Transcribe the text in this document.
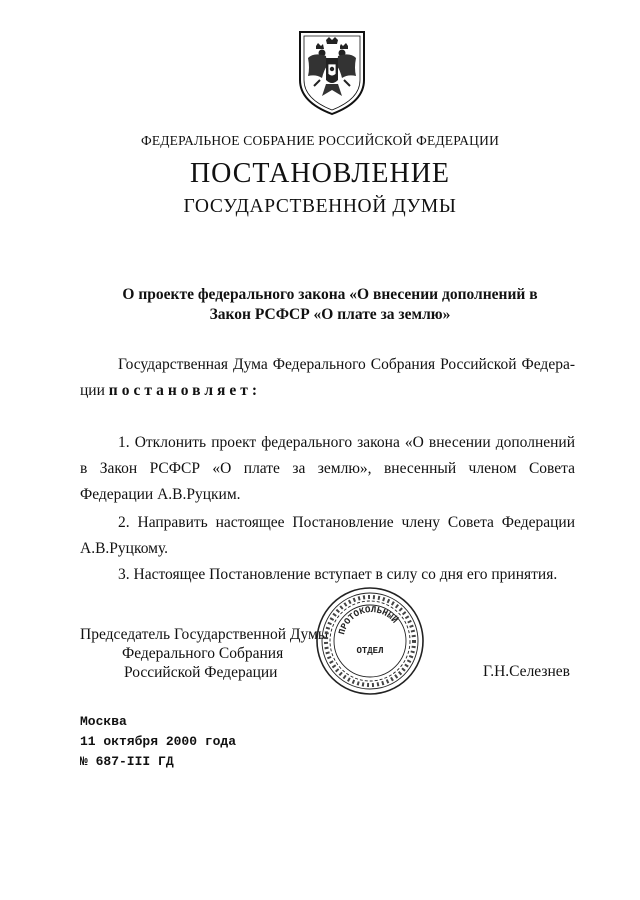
ФЕДЕРАЛЬНОЕ СОБРАНИЕ РОССИЙСКОЙ ФЕДЕРАЦИИ
ПОСТАНОВЛЕНИЕ
ГОСУДАРСТВЕННОЙ ДУМЫ
О проекте федерального закона «О внесении дополнений в
Закон РСФСР «О плате за землю»
Государственная Дума Федерального Собрания Российской Федерации постановляет:
1. Отклонить проект федерального закона «О внесении дополнений в Закон РСФСР «О плате за землю», внесенный членом Совета Федерации А.В.Руцким.
2. Направить настоящее Постановление члену Совета Федерации А.В.Руцкому.
3. Настоящее Постановление вступает в силу со дня его принятия.
Председатель Государственной Думы
Федерального Собрания
Российской Федерации
ПРОТОКОЛЬНЫЙ
ОТДЕЛ
Г.Н.Селезнев
Москва
11 октября 2000 года
№ 687-III ГД
